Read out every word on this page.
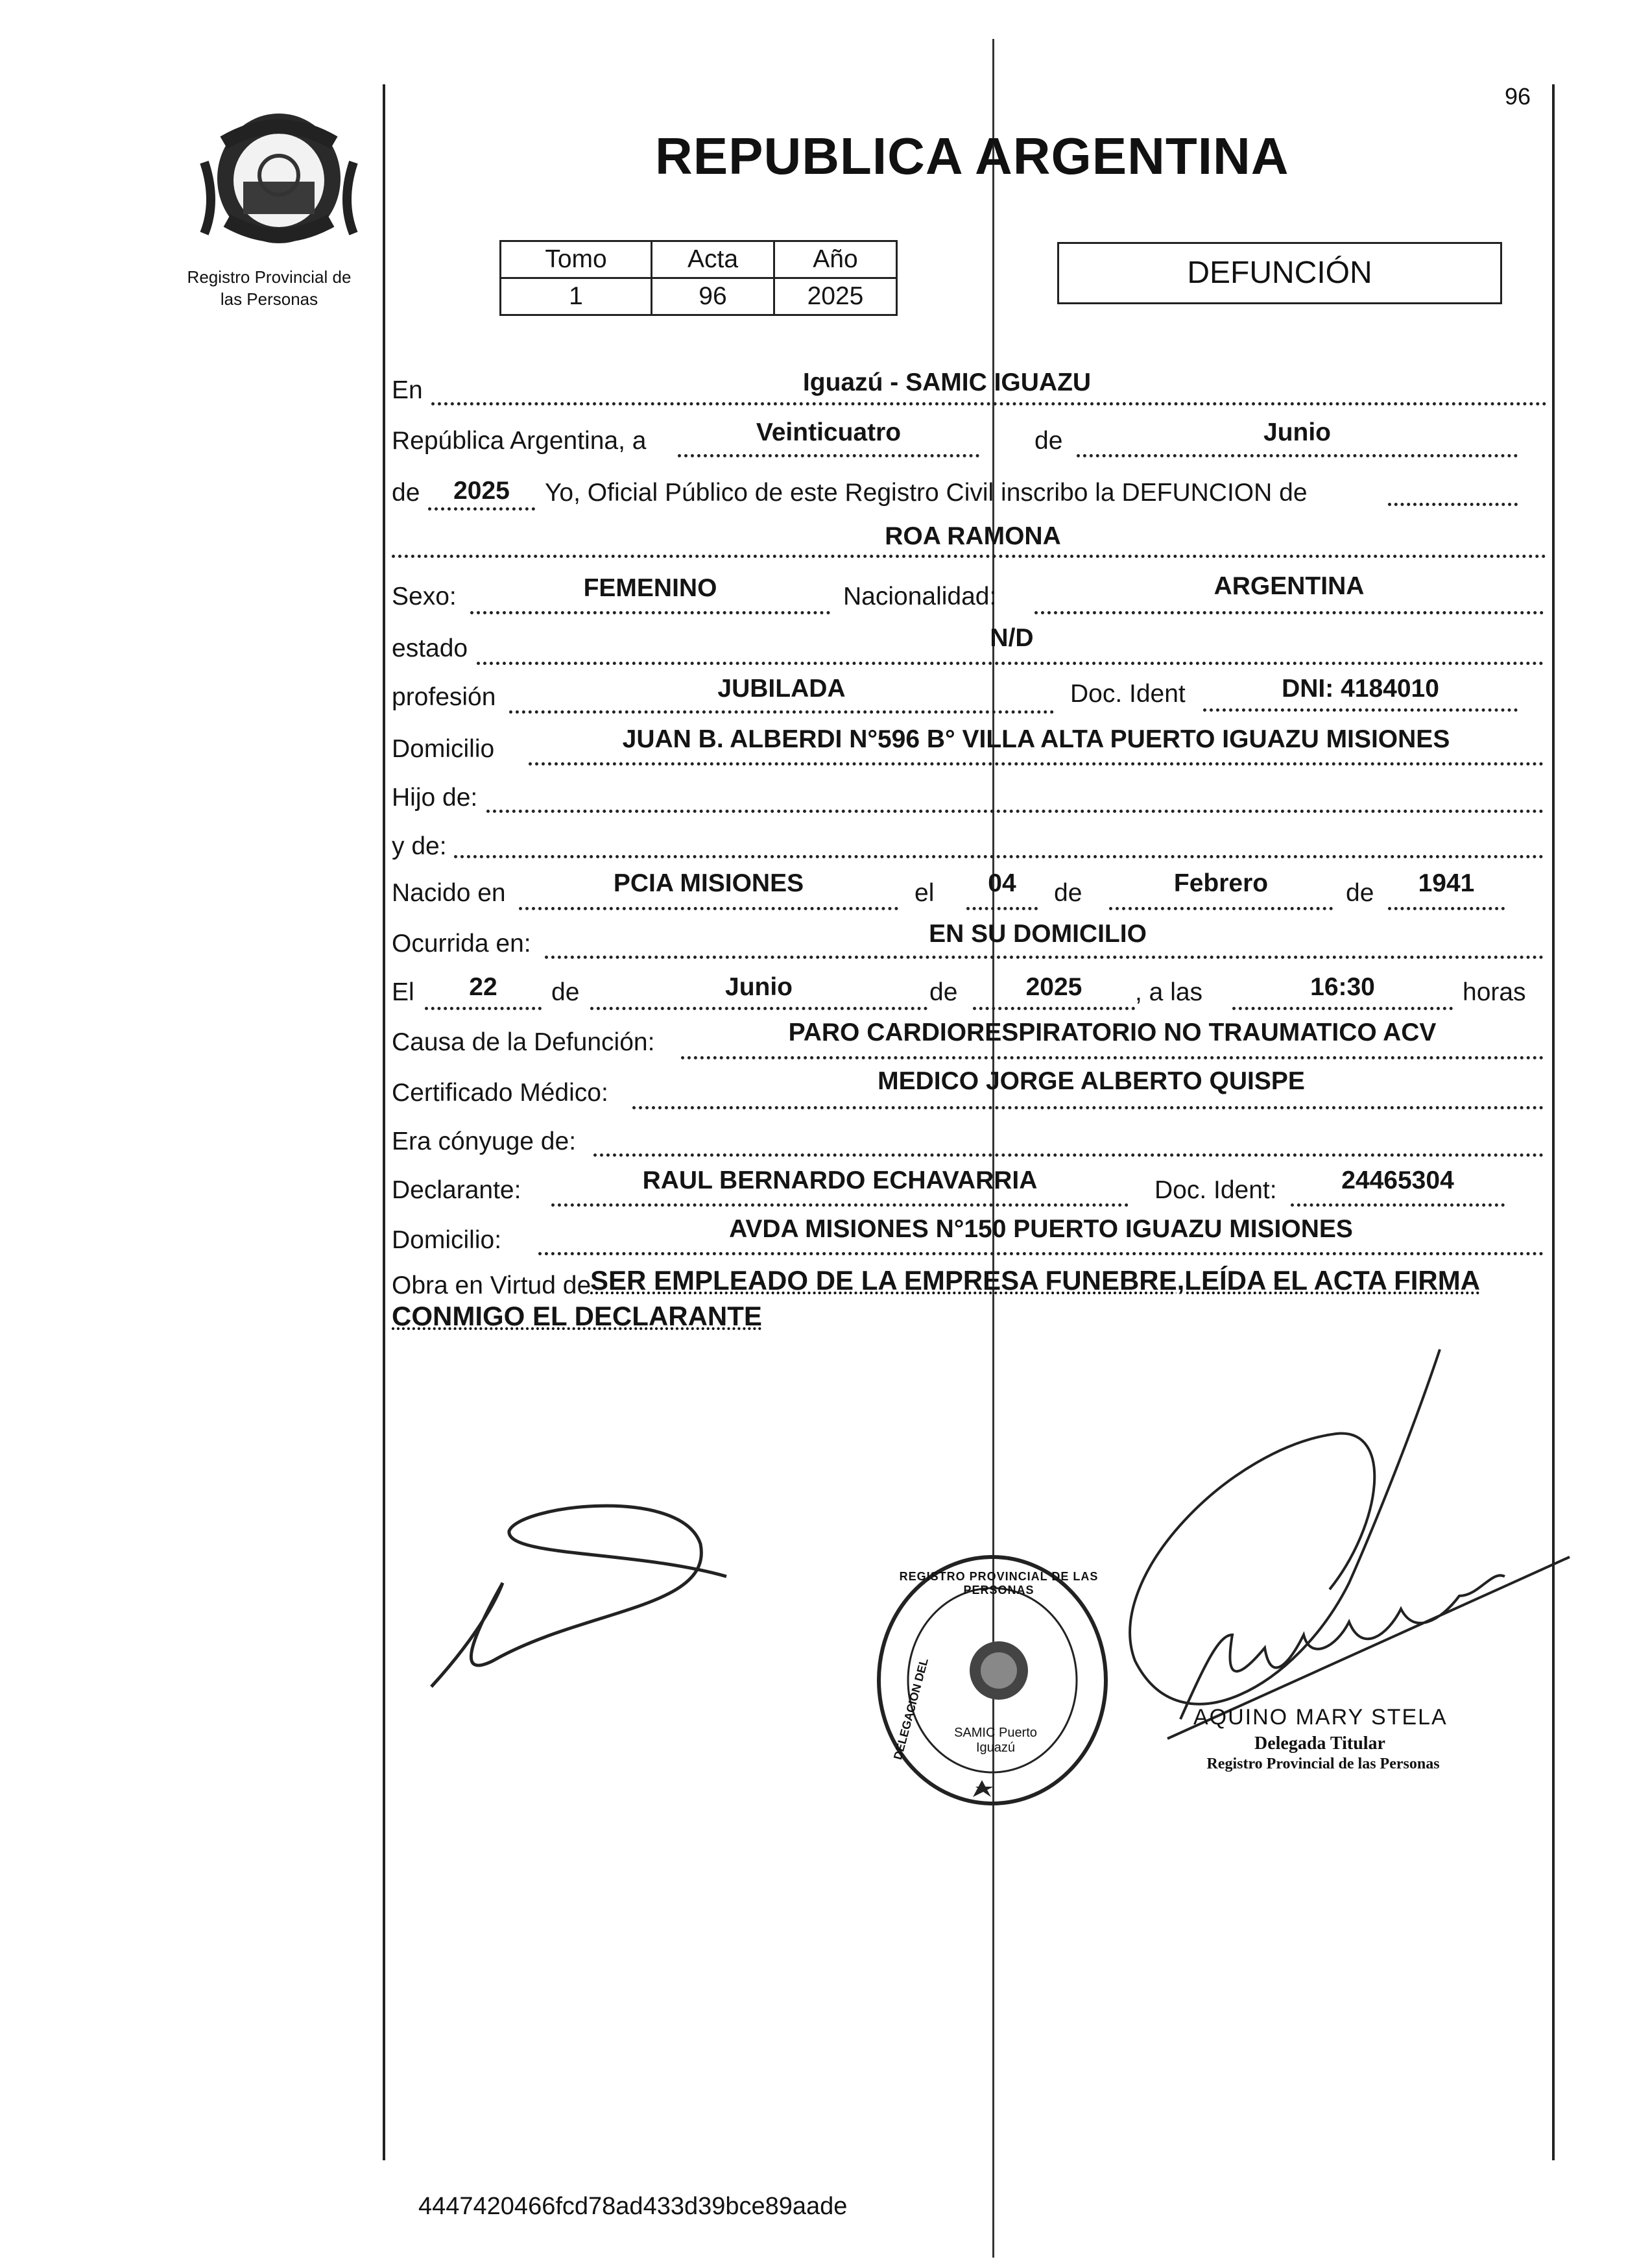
96
Registro Provincial de
las Personas
REPUBLICA ARGENTINA
Tomo	Acta	Año
1	96	2025
DEFUNCIÓN
En	Iguazú - SAMIC IGUAZU
República Argentina, a	Veinticuatro	de	Junio
de	2025	Yo, Oficial Público de este Registro Civil inscribo la DEFUNCION de
ROA RAMONA
Sexo:	FEMENINO	Nacionalidad:	ARGENTINA
estado	N/D
profesión	JUBILADA	Doc. Ident	DNI: 4184010
Domicilio	JUAN B. ALBERDI N°596 B° VILLA ALTA PUERTO IGUAZU MISIONES
Hijo de:
y de:
Nacido en	PCIA MISIONES	el	04	de	Febrero	de	1941
Ocurrida en:	EN SU DOMICILIO
El	22	de	Junio	de	2025	, a las	16:30	horas
Causa de la Defunción:	PARO CARDIORESPIRATORIO NO TRAUMATICO ACV
Certificado Médico:	MEDICO JORGE ALBERTO QUISPE
Era cónyuge de:
Declarante:	RAUL BERNARDO ECHAVARRIA	Doc. Ident:	24465304
Domicilio:	AVDA MISIONES N°150 PUERTO IGUAZU MISIONES
Obra en Virtud de
SER EMPLEADO DE LA EMPRESA FUNEBRE,LEÍDA EL ACTA FIRMA
CONMIGO EL DECLARANTE
REGISTRO PROVINCIAL DE LAS PERSONAS
DELEGACIÓN DEL	SAMIC Puerto Iguazú
AQUINO MARY STELA
Delegada Titular
Registro Provincial de las Personas
4447420466fcd78ad433d39bce89aade
